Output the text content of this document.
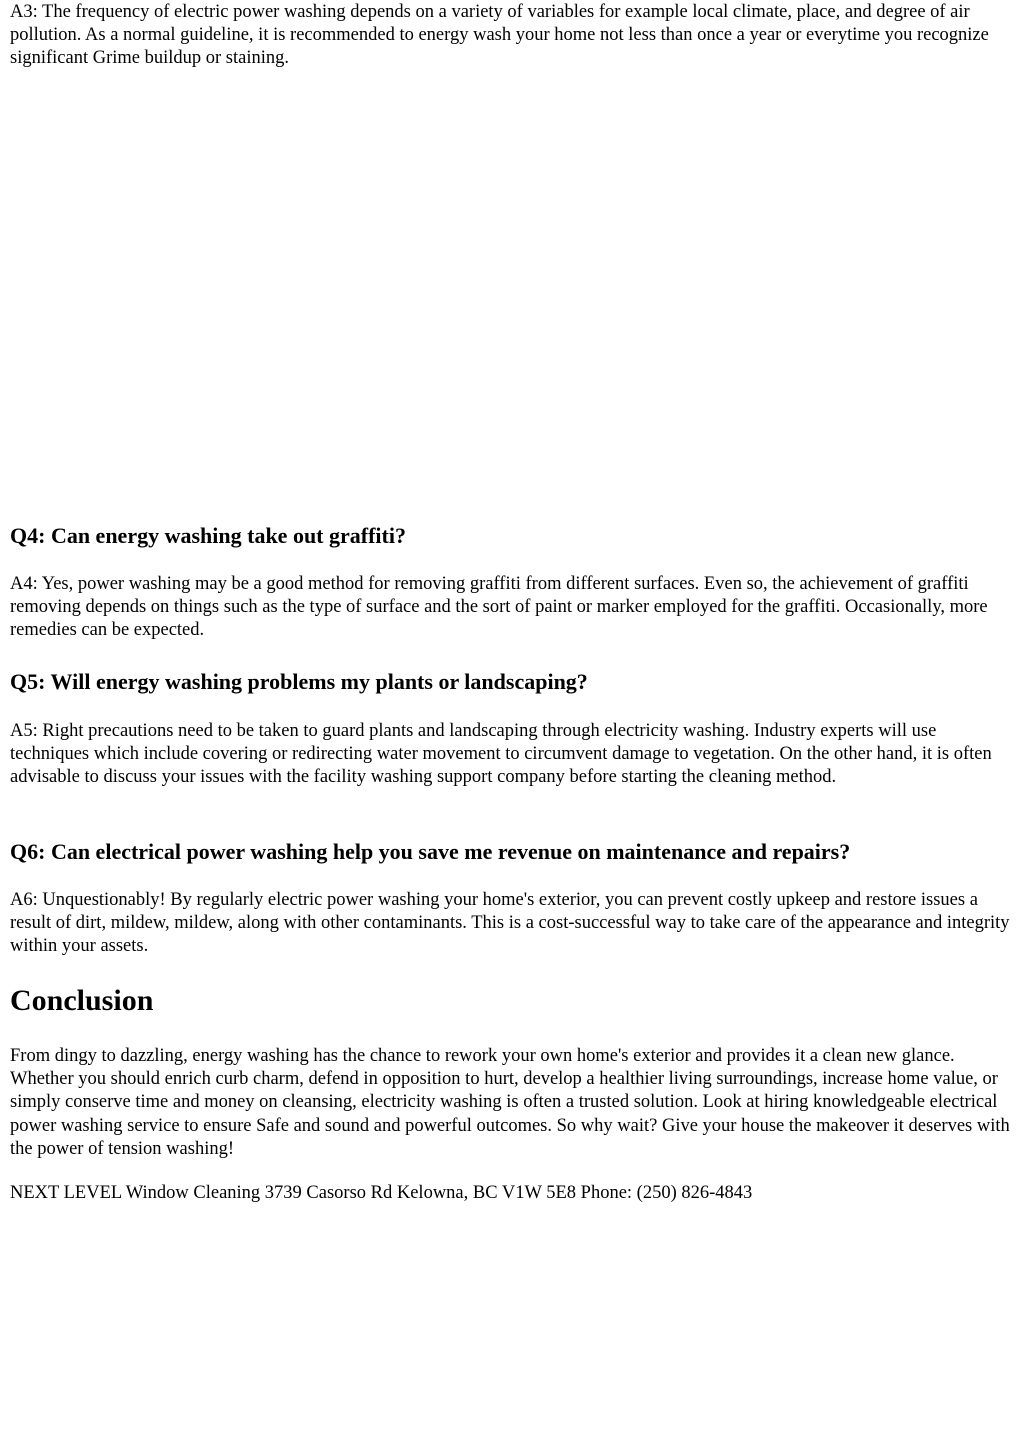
A3: The frequency of electric power washing depends on a variety of variables for example local climate, place, and degree of air pollution. As a normal guideline, it is recommended to energy wash your home not less than once a year or everytime you recognize significant Grime buildup or staining.

Q4: Can energy washing take out graffiti?

A4: Yes, power washing may be a good method for removing graffiti from different surfaces. Even so, the achievement of graffiti removing depends on things such as the type of surface and the sort of paint or marker employed for the graffiti. Occasionally, more remedies can be expected.

Q5: Will energy washing problems my plants or landscaping?

A5: Right precautions need to be taken to guard plants and landscaping through electricity washing. Industry experts will use techniques which include covering or redirecting water movement to circumvent damage to vegetation. On the other hand, it is often advisable to discuss your issues with the facility washing support company before starting the cleaning method.

Q6: Can electrical power washing help you save me revenue on maintenance and repairs?

A6: Unquestionably! By regularly electric power washing your home's exterior, you can prevent costly upkeep and restore issues a result of dirt, mildew, mildew, along with other contaminants. This is a cost-successful way to take care of the appearance and integrity within your assets.

Conclusion

From dingy to dazzling, energy washing has the chance to rework your own home's exterior and provides it a clean new glance. Whether you should enrich curb charm, defend in opposition to hurt, develop a healthier living surroundings, increase home value, or simply conserve time and money on cleansing, electricity washing is often a trusted solution. Look at hiring knowledgeable electrical power washing service to ensure Safe and sound and powerful outcomes. So why wait? Give your house the makeover it deserves with the power of tension washing!

NEXT LEVEL Window Cleaning 3739 Casorso Rd Kelowna, BC V1W 5E8 Phone: (250) 826-4843
